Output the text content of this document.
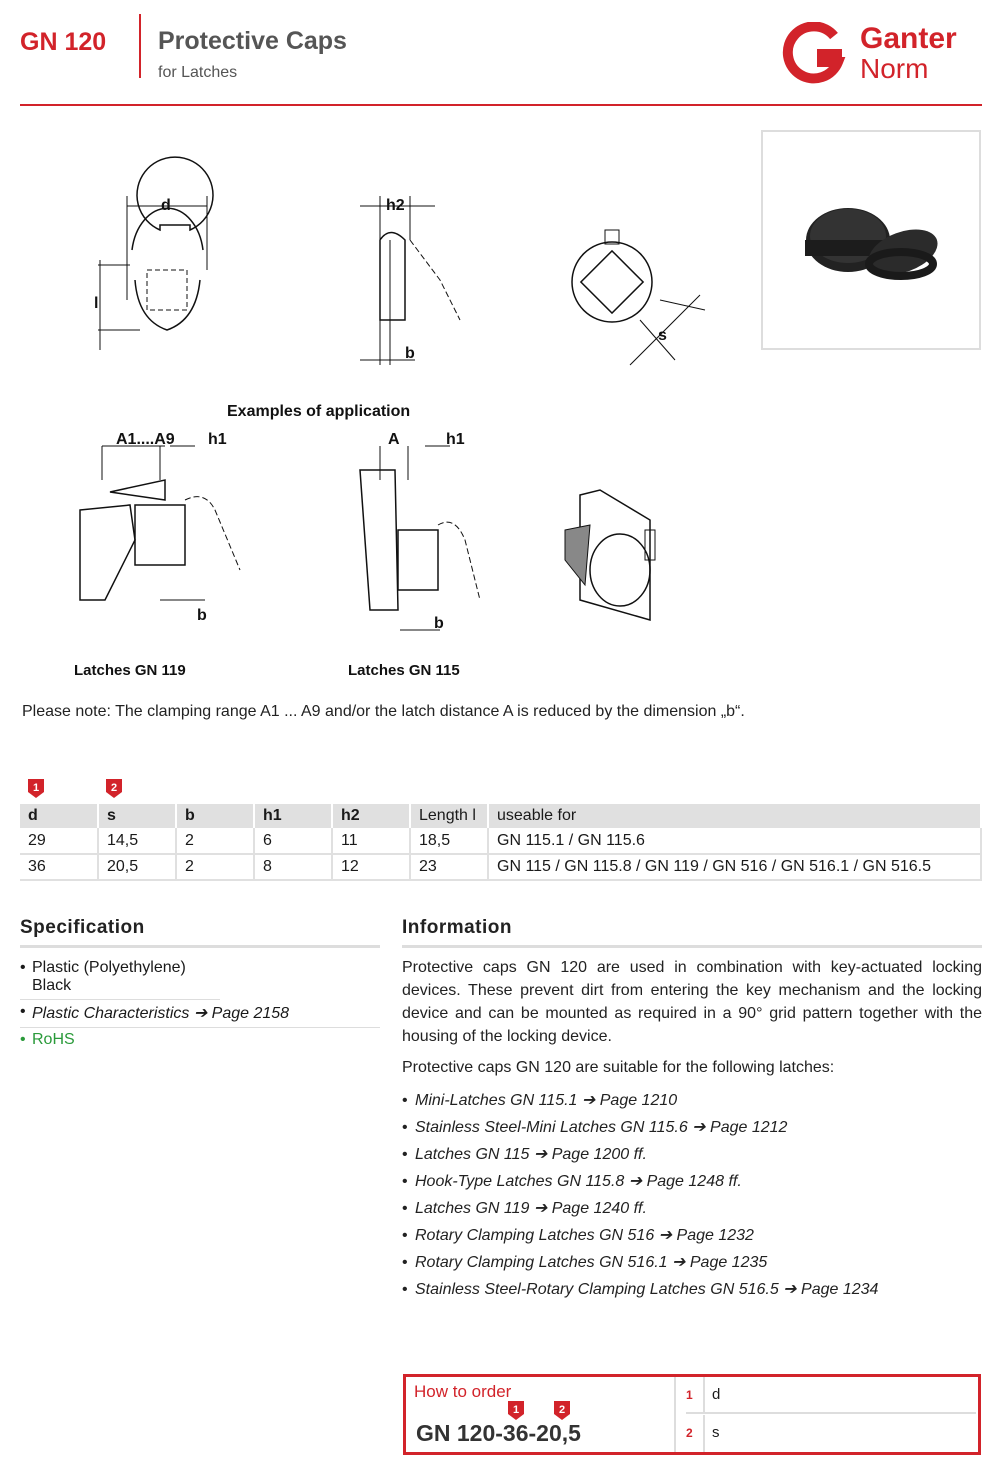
GN 120 Protective Caps
for Latches
Ganter
Norm
d
l
h2
b
s
Examples of application
A1....A9 h1
b
A	h1
b
Latches GN 119	Latches GN 115
Please note: The clamping range A1 ... A9 and/or the latch distance A is reduced by the dimension „b“.
1	2
d	s	b	h1	h2	Length l	useable for
29	14,5	2	6	11	18,5	GN 115.1 / GN 115.6
36	20,5	2	8	12	23	GN 115 / GN 115.8 / GN 119 / GN 516 / GN 516.1 / GN 516.5
Specification
• Plastic (Polyethylene) Black
• Plastic Characteristics ➔ Page 2158
• RoHS
Information

Protective caps GN 120 are used in combination with key-actuated locking devices. These prevent dirt from entering the key mechanism and the locking device and can be mounted as required in a 90° grid pattern together with the housing of the locking device.

Protective caps GN 120 are suitable for the following latches:

• Mini-Latches GN 115.1 ➔ Page 1210
• Stainless Steel-Mini Latches GN 115.6 ➔ Page 1212
• Latches GN 115 ➔ Page 1200 ff.
• Hook-Type Latches GN 115.8 ➔ Page 1248 ff.
• Latches GN 119 ➔ Page 1240 ff.
• Rotary Clamping Latches GN 516 ➔ Page 1232
• Rotary Clamping Latches GN 516.1 ➔ Page 1235
• Stainless Steel-Rotary Clamping Latches GN 516.5 ➔ Page 1234
How to order
1	2
GN 120-36-20,5
1	d
2	s
